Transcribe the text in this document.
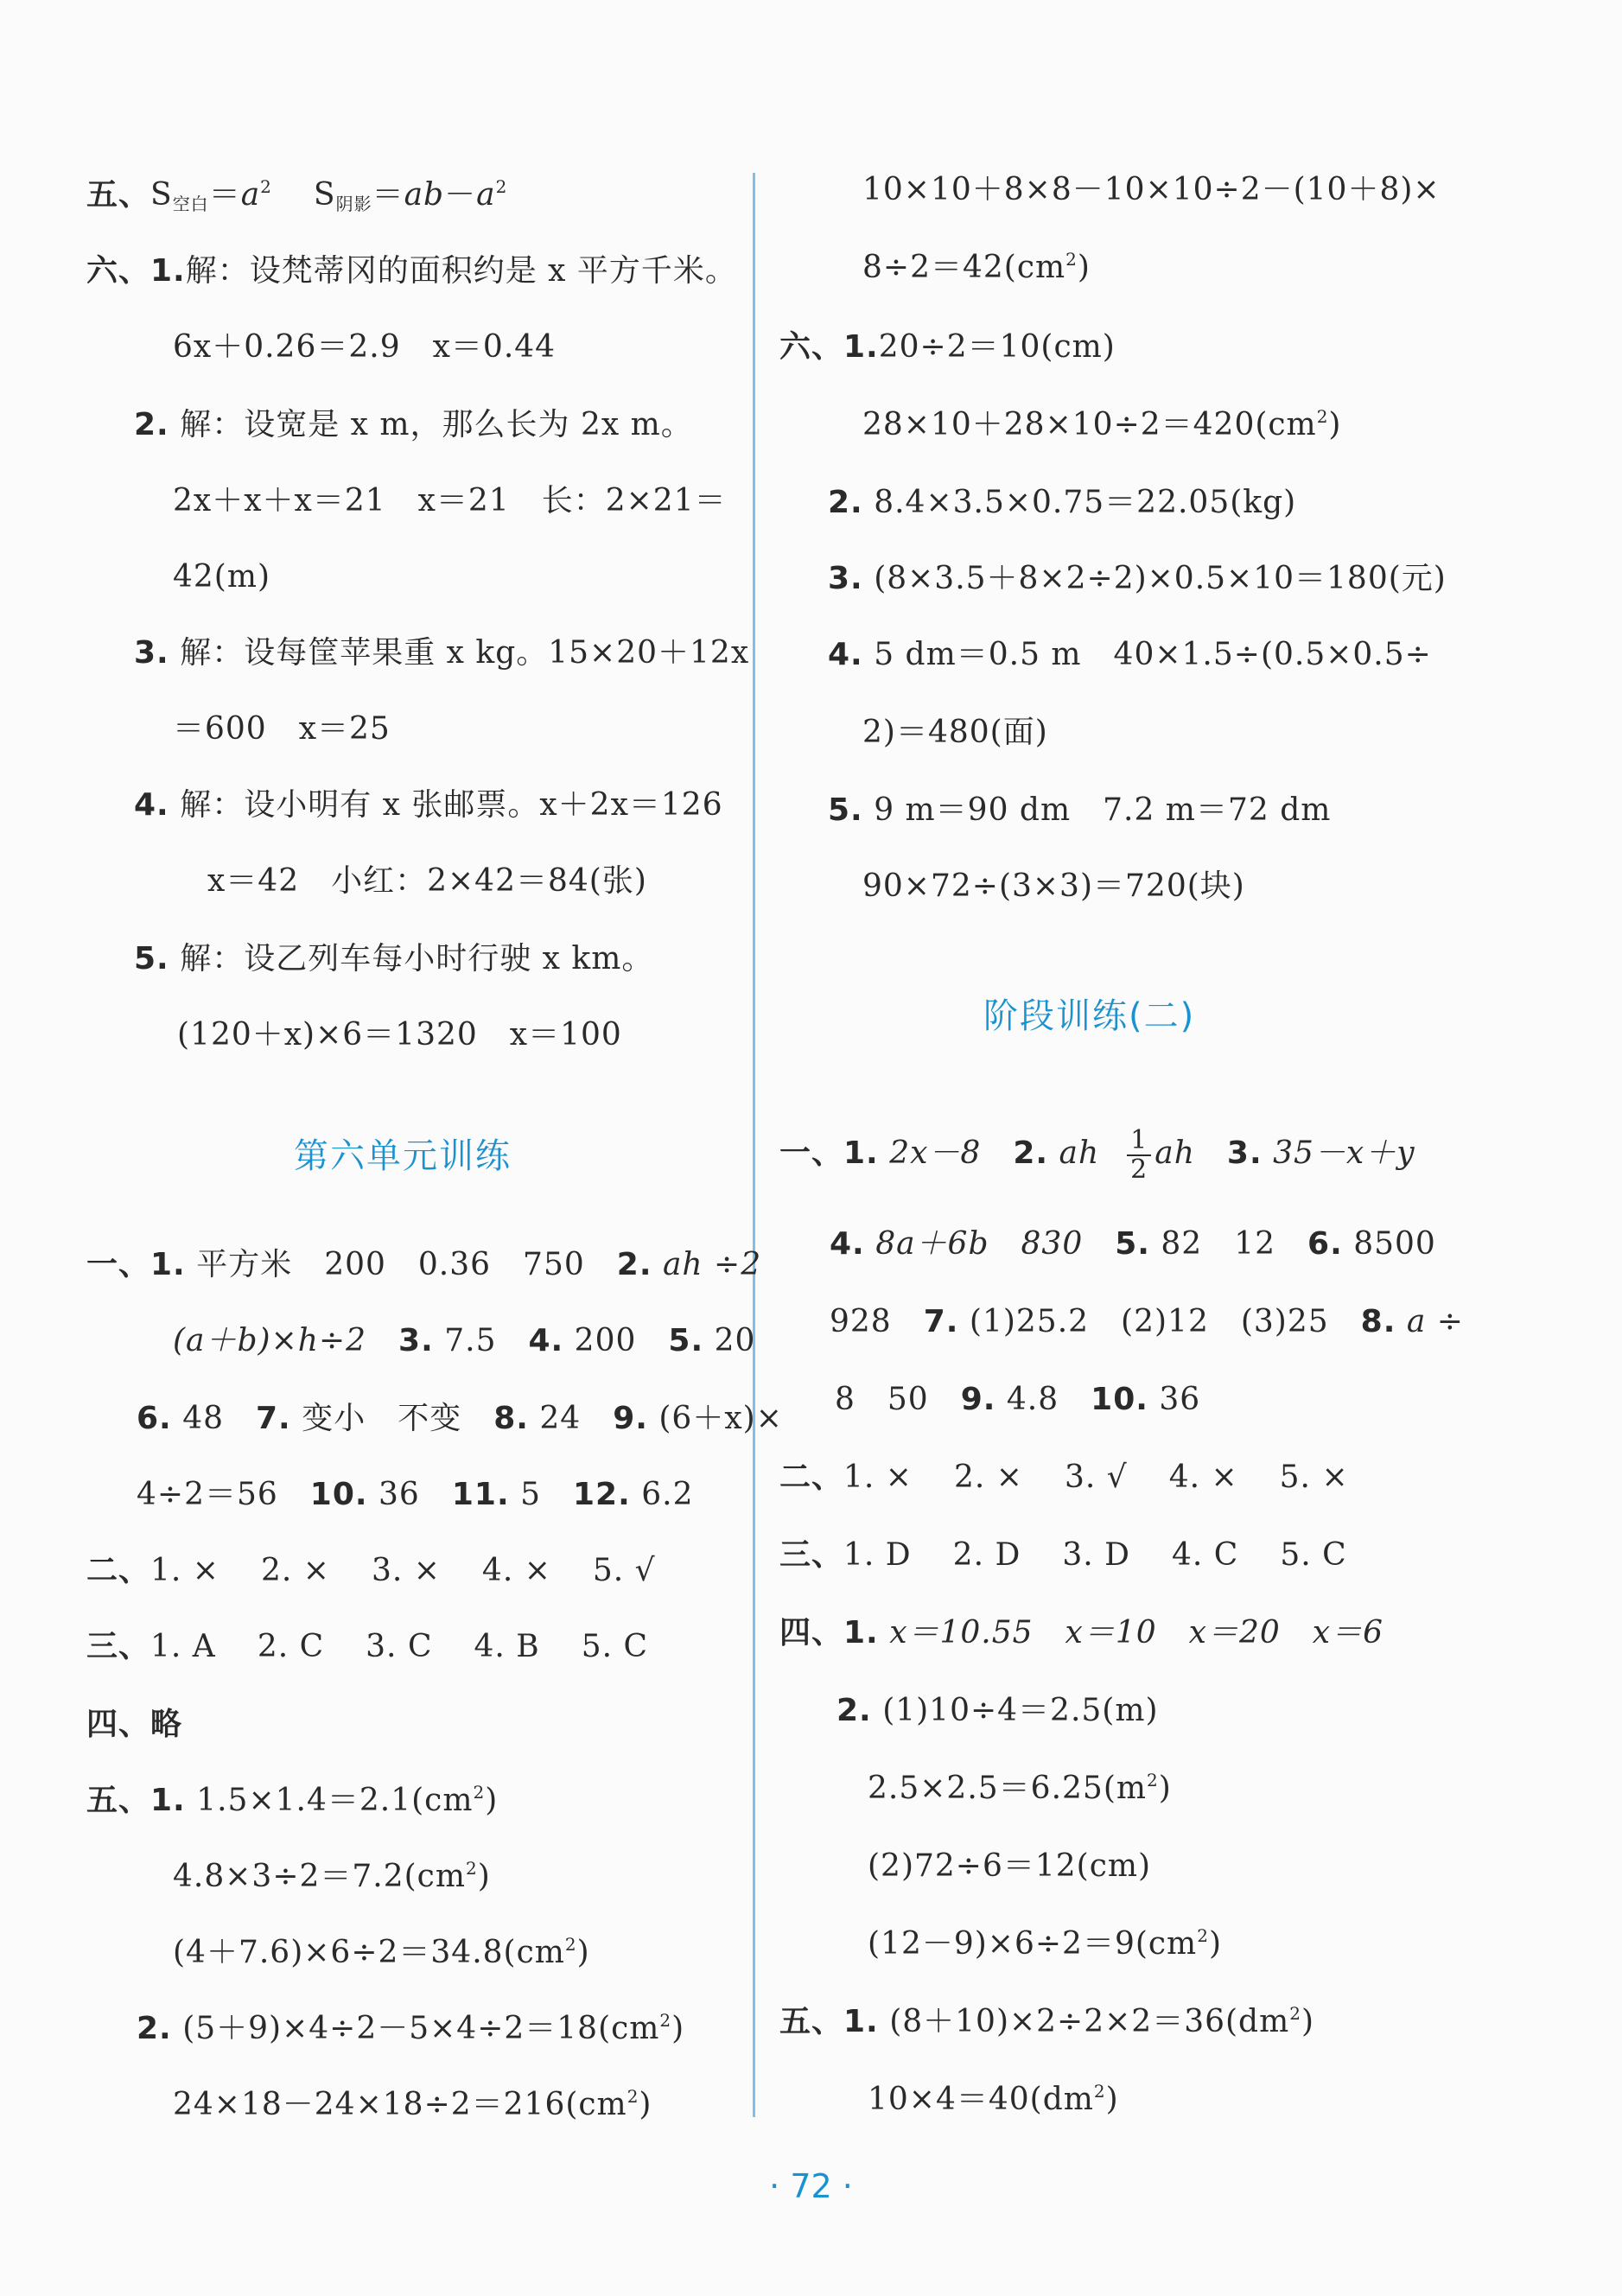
五、$S_{空白}=a^2$ $S_{阴影}=ab-a^2$
六、1.解：设梵蒂冈的面积约是 x 平方千米。
6x＋0.26＝2.9　x＝0.44
2. 解：设宽是 x m，那么长为 2x m。
2x＋x＋x＝21　x＝21　长：2×21＝
42(m)
3. 解：设每筐苹果重 x kg。15×20＋12x
＝600　x＝25
4. 解：设小明有 x 张邮票。x＋2x＝126
x＝42　小红：2×42＝84(张)
5. 解：设乙列车每小时行驶 x km。
(120＋x)×6＝1320　x＝100
第六单元训练
一、1. 平方米　200　0.36　750　2. ah ÷2
(a＋b)×h÷2　3. 7.5　4. 200　5. 20
6. 48　7. 变小　不变　8. 24　9. (6＋x)×
4÷2＝56　10. 36　11. 5　12. 6.2
二、1. × 2. × 3. × 4. × 5. √
三、1. A 2. C 3. C 4. B 5. C
四、略
五、1. $1.5\times 1.4=2.1(cm^2)$
$4.8\times 3\div 2=7.2(cm^2)$
$(4+7.6)\times 6\div 2=34.8(cm^2)$
2. $(5+9)\times 4\div 2-5\times 4\div 2=18(cm^2)$
$24\times 18-24\times 18\div 2=216(cm^2)$
10×10＋8×8－10×10÷2－(10＋8)×
$8\div 2=42(cm^2)$
六、1.20÷2＝10(cm)
$28\times 10+28\times 10\div 2=420(cm^2)$
2. 8.4×3.5×0.75＝22.05(kg)
3. (8×3.5＋8×2÷2)×0.5×10＝180(元)
4. 5 dm＝0.5 m　40×1.5÷(0.5×0.5÷
2)＝480(面)
5. 9 m＝90 dm　7.2 m＝72 dm
90×72÷(3×3)＝720(块)
阶段训练(二)
一、1. 2x－8　2. ah $\frac{1}{2}$ ah　3. 35－x＋y
4. 8a＋6b　830　5. 82　12　6. 8500
928　7. (1)25.2　(2)12　(3)25　8. a ÷
8　50　9. 4.8　10. 36
二、1. × 2. × 3. √ 4. × 5. ×
三、1. D 2. D 3. D 4. C 5. C
四、1. x＝10.55　x＝10　x＝20　x＝6
2. (1)10÷4＝2.5(m)
$2.5\times 2.5=6.25(m^2)$
(2)72÷6＝12(cm)
$(12-9)\times 6\div 2=9(cm^2)$
五、1. $(8+10)\times 2\div 2\times 2=36(dm^2)$
$10\times 4=40(dm^2)$
· 72 ·
